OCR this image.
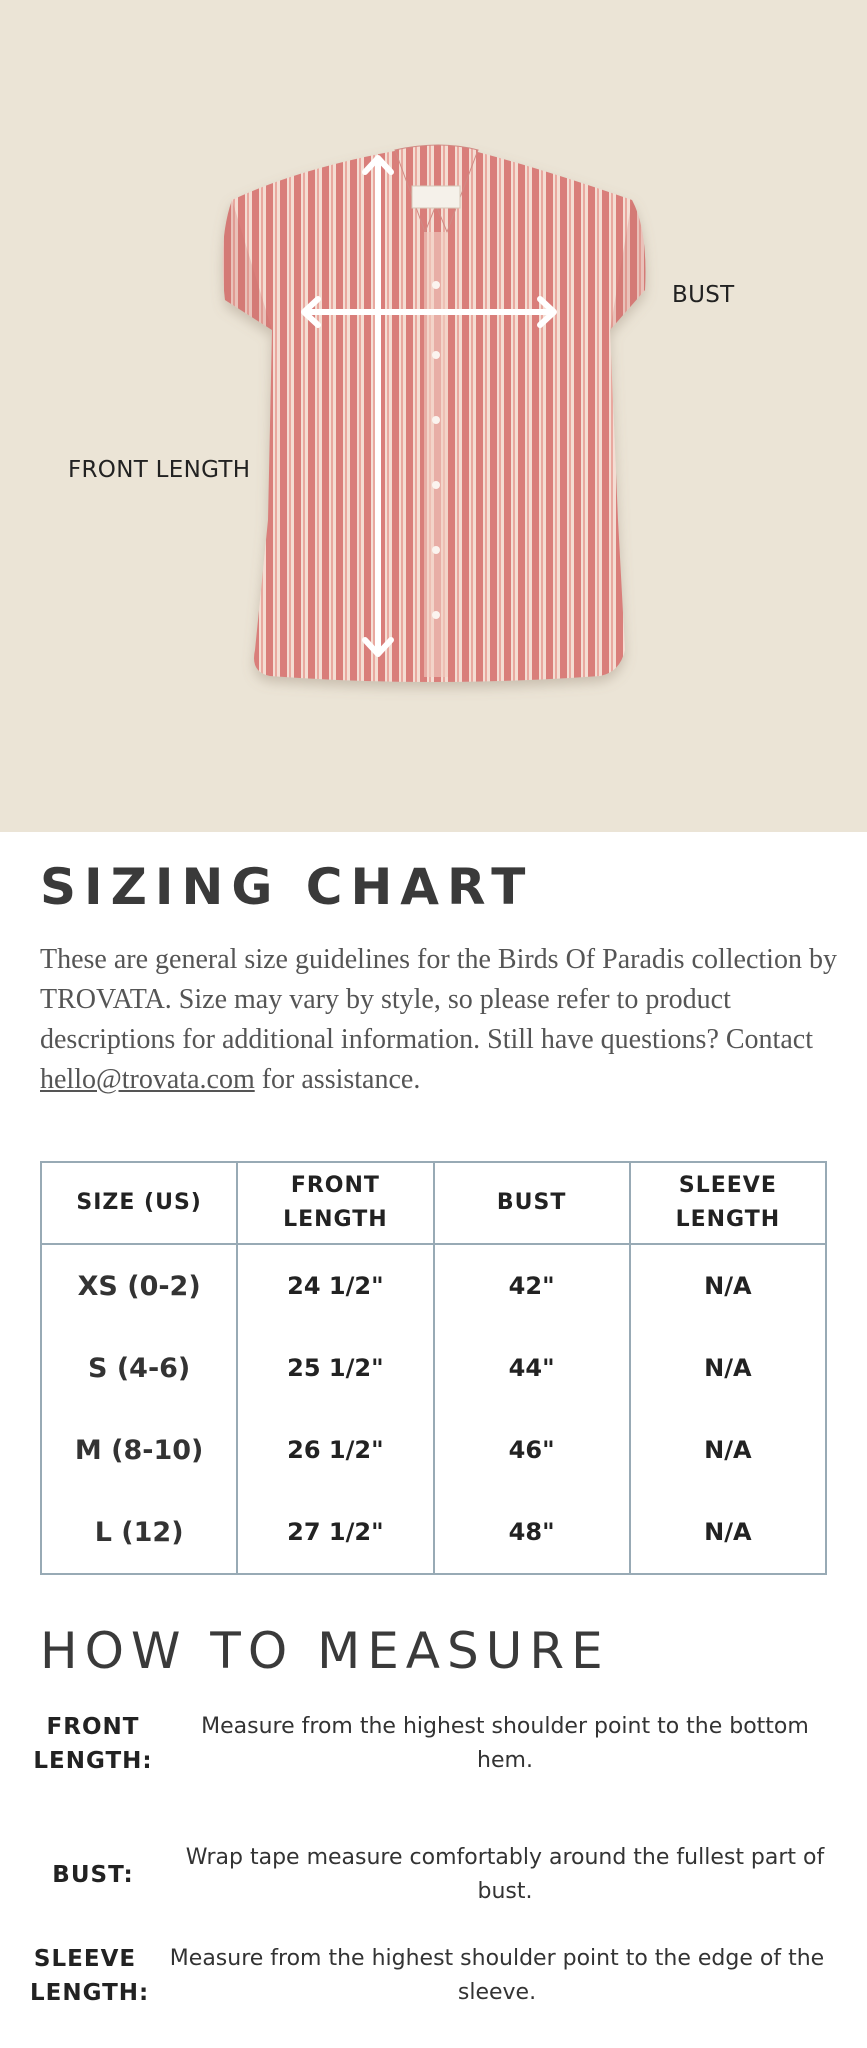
BUST
FRONT LENGTH
SIZING CHART

These are general size guidelines for the Birds Of Paradis collection by TROVATA. Size may vary by style, so please refer to product descriptions for additional information. Still have questions? Contact hello@trovata.com for assistance.

SIZE (US)	FRONT LENGTH	BUST	SLEEVE LENGTH
XS (0-2)	24 1/2"	42"	N/A
S (4-6)	25 1/2"	44"	N/A
M (8-10)	26 1/2"	46"	N/A
L (12)	27 1/2"	48"	N/A
HOW TO MEASURE
FRONT LENGTH:
Measure from the highest shoulder point to the bottom hem.
BUST:
Wrap tape measure comfortably around the fullest part of bust.
SLEEVE LENGTH:
Measure from the highest shoulder point to the edge of the sleeve.
